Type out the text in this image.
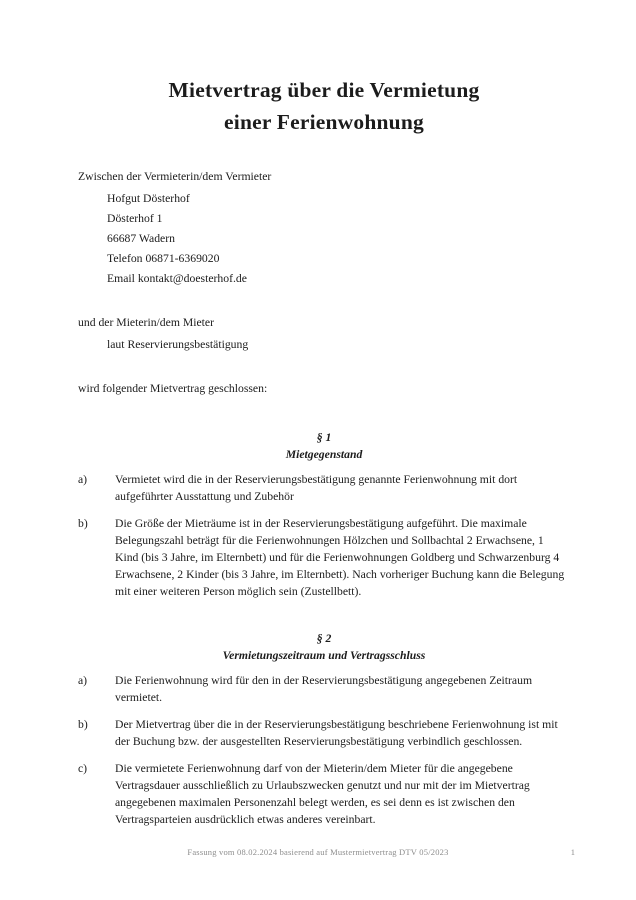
Mietvertrag über die Vermietung
einer Ferienwohnung
Zwischen der Vermieterin/dem Vermieter
Hofgut Dösterhof
Dösterhof 1
66687 Wadern
Telefon 06871-6369020
Email kontakt@doesterhof.de
und der Mieterin/dem Mieter
laut Reservierungsbestätigung
wird folgender Mietvertrag geschlossen:
§ 1
Mietgegenstand
a)	Vermietet wird die in der Reservierungsbestätigung genannte Ferienwohnung mit dort aufgeführter Ausstattung und Zubehör
b)	Die Größe der Mieträume ist in der Reservierungsbestätigung aufgeführt. Die maximale Belegungszahl beträgt für die Ferienwohnungen Hölzchen und Sollbachtal 2 Erwachsene, 1 Kind (bis 3 Jahre, im Elternbett) und für die Ferienwohnungen Goldberg und Schwarzenburg 4 Erwachsene, 2 Kinder (bis 3 Jahre, im Elternbett). Nach vorheriger Buchung kann die Belegung mit einer weiteren Person möglich sein (Zustellbett).
§ 2
Vermietungszeitraum und Vertragsschluss
a)	Die Ferienwohnung wird für den in der Reservierungsbestätigung angegebenen Zeitraum vermietet.
b)	Der Mietvertrag über die in der Reservierungsbestätigung beschriebene Ferienwohnung ist mit der Buchung bzw. der ausgestellten Reservierungsbestätigung verbindlich geschlossen.
c)	Die vermietete Ferienwohnung darf von der Mieterin/dem Mieter für die angegebene Vertragsdauer ausschließlich zu Urlaubszwecken genutzt und nur mit der im Mietvertrag angegebenen maximalen Personenzahl belegt werden, es sei denn es ist zwischen den Vertragsparteien ausdrücklich etwas anderes vereinbart.
Fassung vom 08.02.2024 basierend auf Mustermietvertrag DTV 05/2023	1
